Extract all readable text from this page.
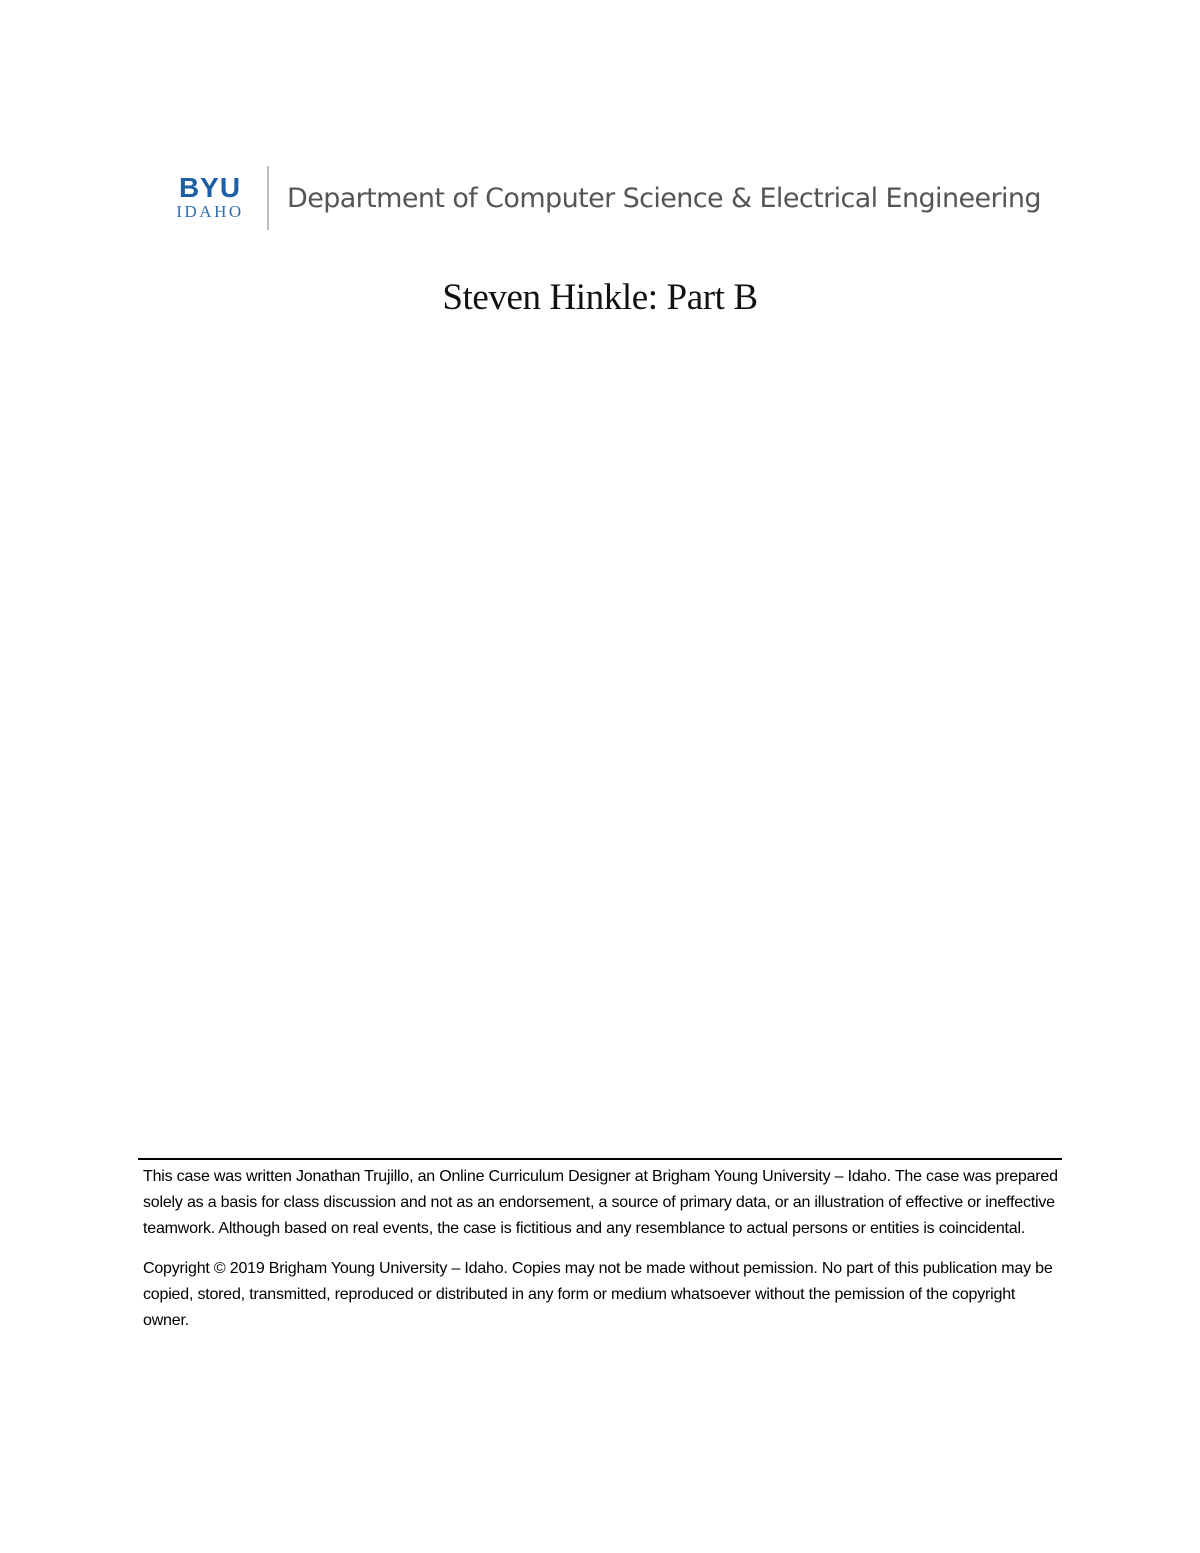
BYU
IDAHO Department of Computer Science & Electrical Engineering
Steven Hinkle: Part B
This case was written Jonathan Trujillo, an Online Curriculum Designer at Brigham Young University – Idaho. The case was prepared solely as a basis for class discussion and not as an endorsement, a source of primary data, or an illustration of effective or ineffective teamwork. Although based on real events, the case is fictitious and any resemblance to actual persons or entities is coincidental.
Copyright © 2019 Brigham Young University – Idaho. Copies may not be made without pemission. No part of this publication may be copied, stored, transmitted, reproduced or distributed in any form or medium whatsoever without the pemission of the copyright owner.
